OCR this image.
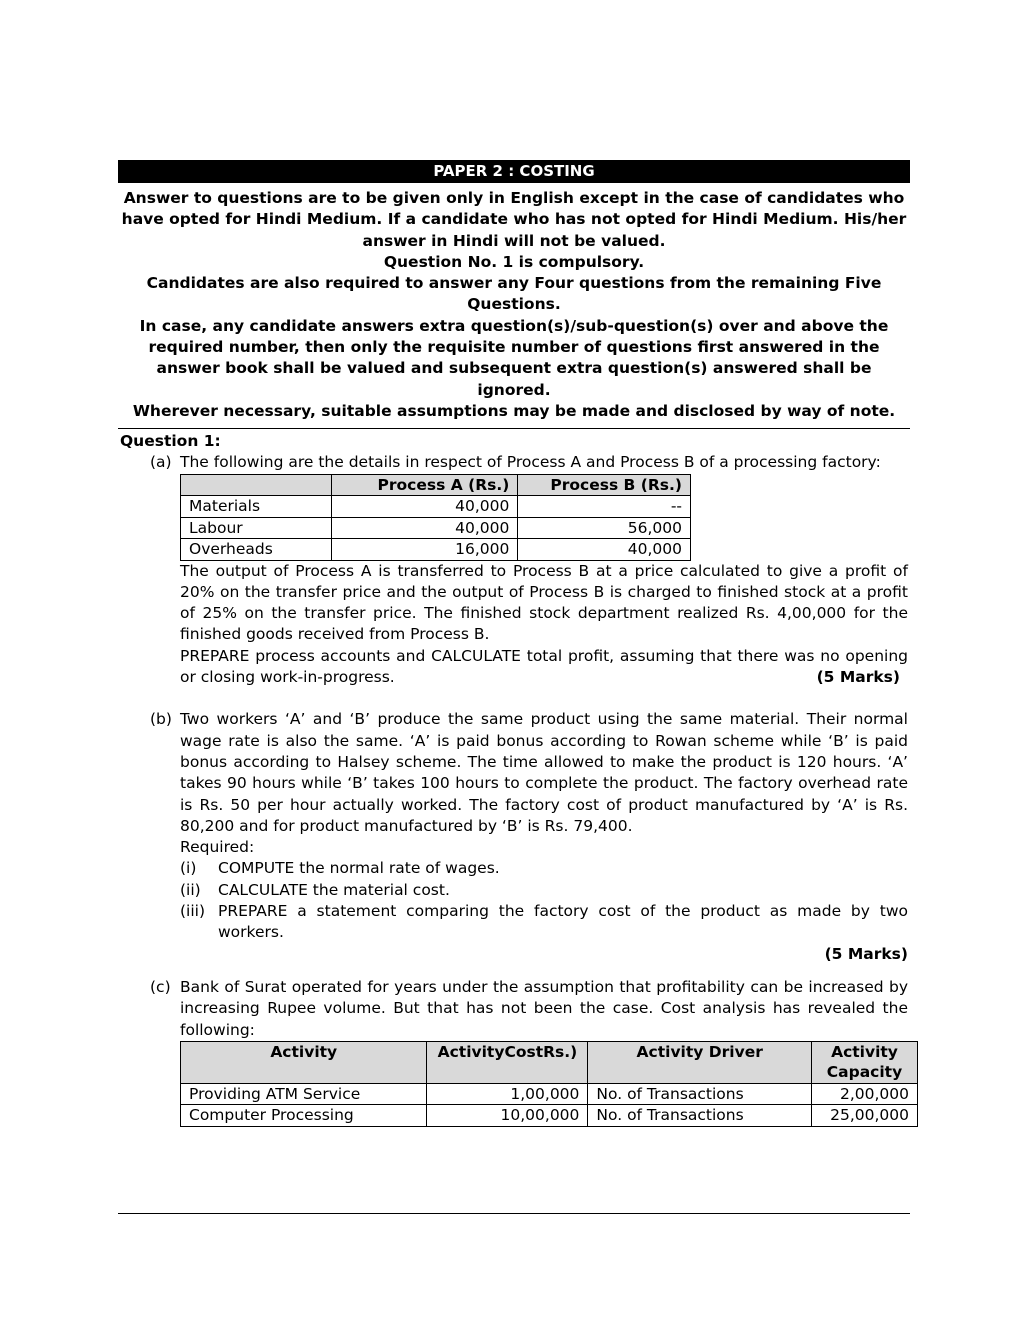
PAPER 2 : COSTING
Answer to questions are to be given only in English except in the case of candidates who have opted for Hindi Medium. If a candidate who has not opted for Hindi Medium. His/her answer in Hindi will not be valued.
Question No. 1 is compulsory.
Candidates are also required to answer any Four questions from the remaining Five Questions.
In case, any candidate answers extra question(s)/sub-question(s) over and above the required number, then only the requisite number of questions first answered in the answer book shall be valued and subsequent extra question(s) answered shall be ignored.
Wherever necessary, suitable assumptions may be made and disclosed by way of note.
Question 1:
(a) The following are the details in respect of Process A and Process B of a processing factory:
	Process A (Rs.)	Process B (Rs.)
Materials	40,000	--
Labour	40,000	56,000
Overheads	16,000	40,000
The output of Process A is transferred to Process B at a price calculated to give a profit of 20% on the transfer price and the output of Process B is charged to finished stock at a profit of 25% on the transfer price. The finished stock department realized Rs. 4,00,000 for the finished goods received from Process B.
PREPARE process accounts and CALCULATE total profit, assuming that there was no opening or closing work-in-progress.	(5 Marks)
(b) Two workers ‘A’ and ‘B’ produce the same product using the same material. Their normal wage rate is also the same. ‘A’ is paid bonus according to Rowan scheme while ‘B’ is paid bonus according to Halsey scheme. The time allowed to make the product is 120 hours. ‘A’ takes 90 hours while ‘B’ takes 100 hours to complete the product. The factory overhead rate is Rs. 50 per hour actually worked. The factory cost of product manufactured by ‘A’ is Rs. 80,200 and for product manufactured by ‘B’ is Rs. 79,400.
Required:
(i) COMPUTE the normal rate of wages.
(ii) CALCULATE the material cost.
(iii) PREPARE a statement comparing the factory cost of the product as made by two workers.
(5 Marks)
(c) Bank of Surat operated for years under the assumption that profitability can be increased by increasing Rupee volume. But that has not been the case. Cost analysis has revealed the following:
Activity	ActivityCostRs.)	Activity Driver	Activity Capacity
Providing ATM Service	1,00,000	No. of Transactions	2,00,000
Computer Processing	10,00,000	No. of Transactions	25,00,000
